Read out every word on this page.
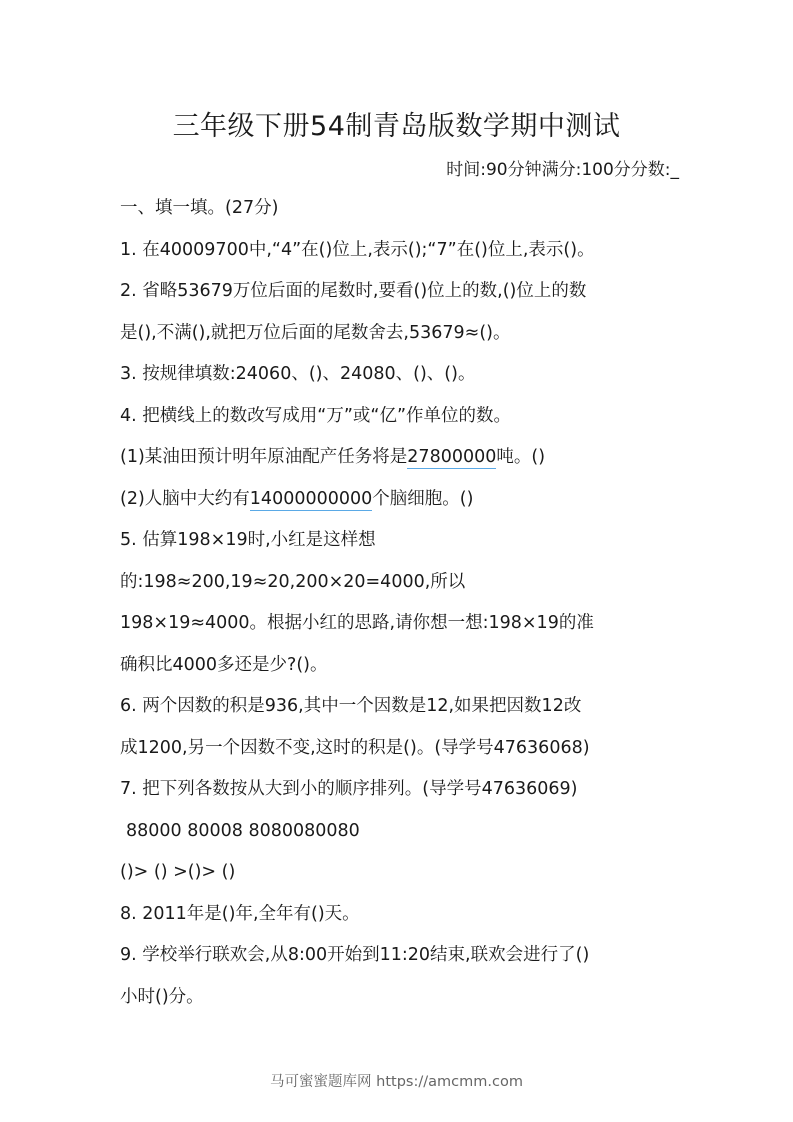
三年级下册54制青岛版数学期中测试
时间:90分钟满分:100分分数:_
一、填一填。(27分)
1. 在40009700中,“4”在()位上,表示();“7”在()位上,表示()。
2. 省略53679万位后面的尾数时,要看()位上的数,()位上的数
是(),不满(),就把万位后面的尾数舍去,53679≈()。
3. 按规律填数:24060、()、24080、()、()。
4. 把横线上的数改写成用“万”或“亿”作单位的数。
(1)某油田预计明年原油配产任务将是27800000吨。()
(2)人脑中大约有14000000000个脑细胞。()
5. 估算198×19时,小红是这样想
的:198≈200,19≈20,200×20=4000,所以
198×19≈4000。根据小红的思路,请你想一想:198×19的准
确积比4000多还是少?()。
6. 两个因数的积是936,其中一个因数是12,如果把因数12改
成1200,另一个因数不变,这时的积是()。(导学号47636068)
7. 把下列各数按从大到小的顺序排列。(导学号47636069)
88000 80008 8080080080
()> () >()> ()
8. 2011年是()年,全年有()天。
9. 学校举行联欢会,从8:00开始到11:20结束,联欢会进行了()
小时()分。
马可蜜蜜题库网 https://amcmm.com
